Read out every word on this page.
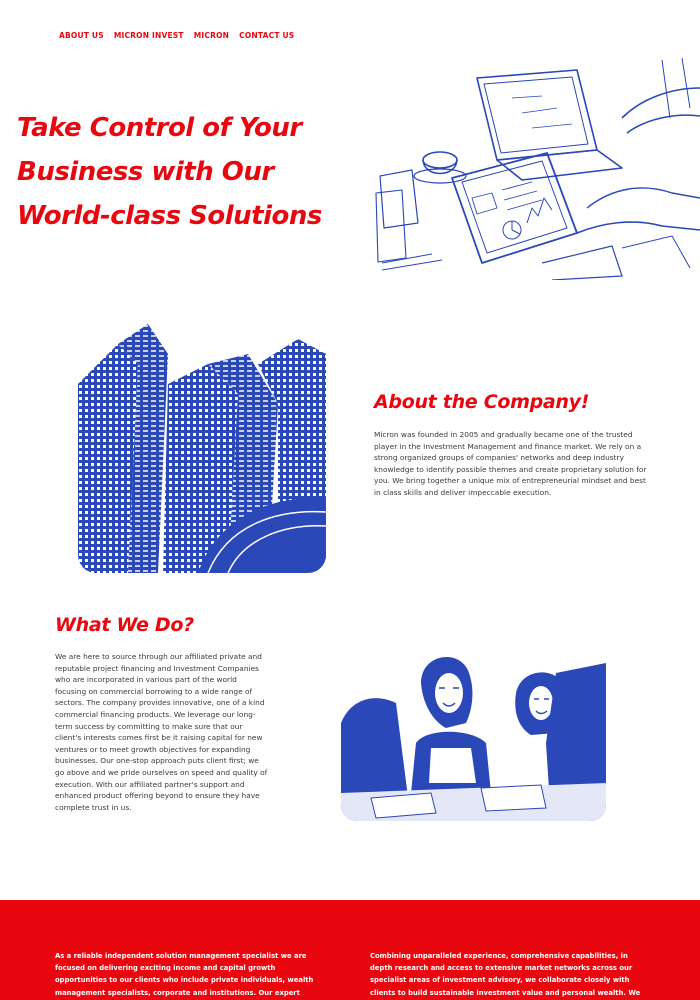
ABOUT US MICRON INVEST MICRON CONTACT US
Take Control of Your Business with Our World-class Solutions
About the Company!

Micron was founded in 2005 and gradually became one of the trusted player in the Investment Management and finance market. We rely on a strong organized groups of companies' networks and deep industry knowledge to identify possible themes and create proprietary solution for you. We bring together a unique mix of entrepreneurial mindset and best in class skills and deliver impeccable execution.

What We Do?

We are here to source through our affiliated private and reputable project financing and Investment Companies who are incorporated in various part of the world focusing on commercial borrowing to a wide range of sectors. The company provides innovative, one of a kind commercial financing products. We leverage our long-term success by committing to make sure that our client's interests comes first be it raising capital for new ventures or to meet growth objectives for expanding businesses. Our one-stop approach puts client first; we go above and we pride ourselves on speed and quality of execution. With our affiliated partner's support and enhanced product offering beyond to ensure they have complete trust in us.

As a reliable independent solution management specialist we are focused on delivering exciting income and capital growth opportunities to our clients who include private individuals, wealth management specialists, corporate and institutions. Our expert

Combining unparalleled experience, comprehensive capabilities, in depth research and access to extensive market networks across our specialist areas of investment advisory, we collaborate closely with clients to build sustainable investment value and personal wealth. We
